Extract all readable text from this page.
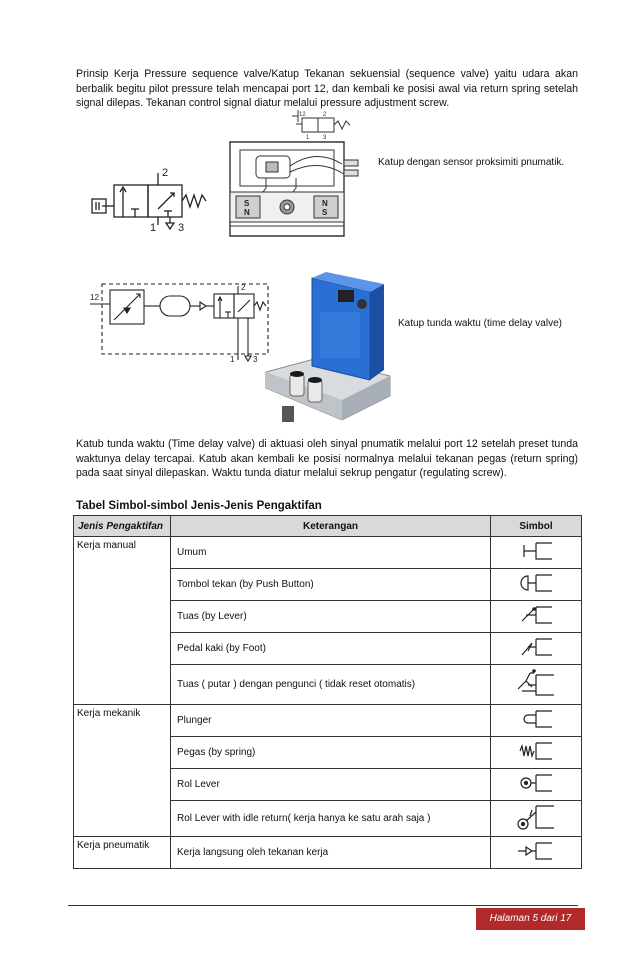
Prinsip Kerja Pressure sequence valve/Katup Tekanan sekuensial (sequence valve) yaitu udara akan berbalik begitu pilot pressure telah mencapai port 12, dan kembali ke posisi awal via return spring setelah signal dilepas. Tekanan control signal diatur melalui pressure adjustment screw.

2
1 3
12	2
1 3
S
N
N
S
Katup dengan sensor proksimiti pnumatik.
12
2
1 3
Katup tunda waktu (time delay valve)

Katub tunda waktu (Time delay valve) di aktuasi oleh sinyal pnumatik melalui port 12 setelah preset tunda waktunya delay tercapai. Katub akan kembali ke posisi normalnya melalui tekanan pegas (return spring) pada saat sinyal dilepaskan. Waktu tunda diatur melalui sekrup pengatur (regulating screw).

Tabel Simbol-simbol Jenis-Jenis Pengaktifan

Jenis Pengaktifan	Keterangan	Simbol
Kerja manual	Umum	
	Tombol tekan (by Push Button)	
	Tuas (by Lever)	
	Pedal kaki (by Foot)	
	Tuas ( putar ) dengan pengunci ( tidak reset otomatis)	
Kerja mekanik	Plunger	
	Pegas (by spring)	
	Rol Lever	
	Rol Lever with idle return( kerja hanya ke satu arah saja )	
Kerja pneumatik	Kerja langsung oleh tekanan kerja	
Halaman 5 dari 17
